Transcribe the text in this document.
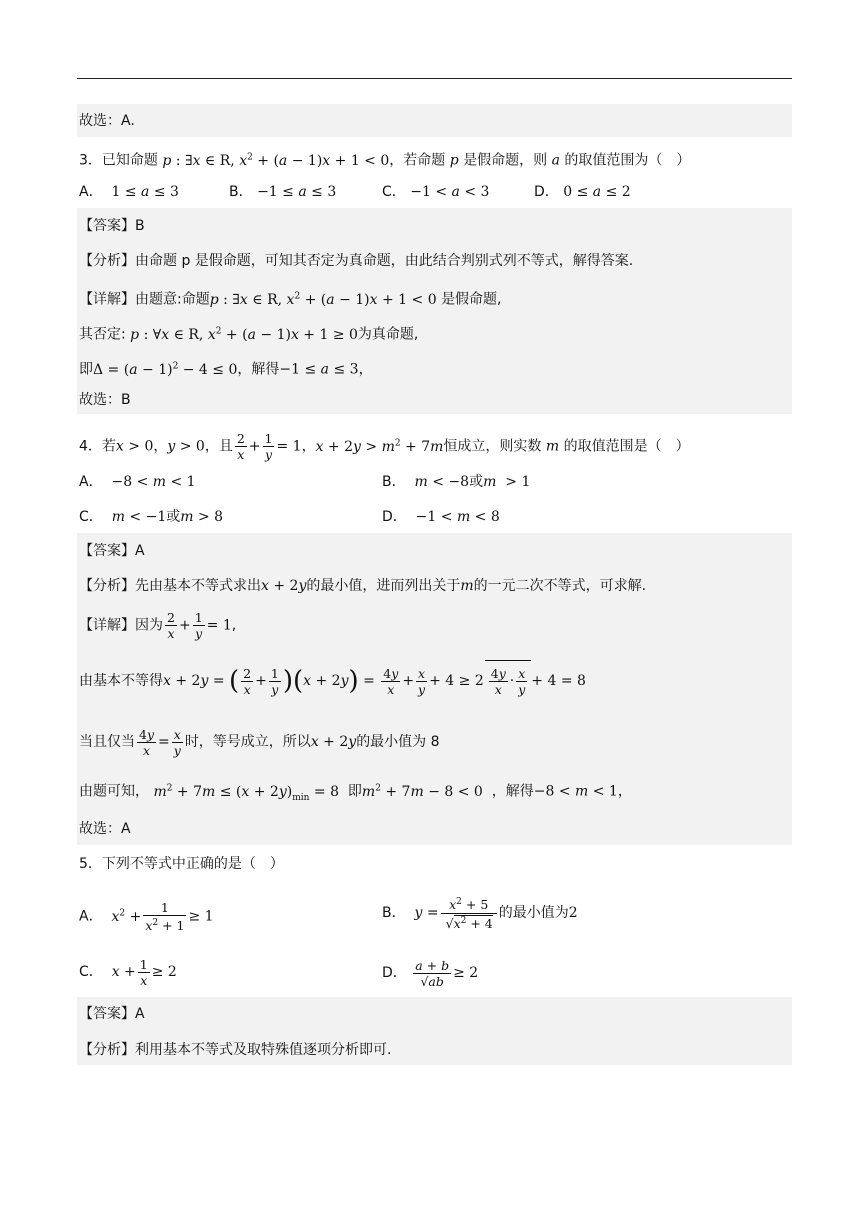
故选：A.
3．已知命题 p : ∃x ∈ R, $x^2 + (a - 1)x + 1 < 0$，若命题 p 是假命题，则 a 的取值范围为（　）
A．  1 ≤ a ≤ 3	B． −1 ≤ a ≤ 3	C． −1 < a < 3	D． 0 ≤ a ≤ 2
【答案】B
【分析】由命题 p 是假命题，可知其否定为真命题，由此结合判别式列不等式，解得答案.
【详解】由题意:命题p : ∃x ∈ R, $x^2 + (a - 1)x + 1 < 0$ 是假命题,
其否定: p : ∀x ∈ R, $x^2 + (a - 1)x + 1 \ge 0$为真命题,
即$\Delta = (a - 1)^2 - 4 \le 0$，解得−1 ≤ a ≤ 3，
故选：B
4．若x > 0，y > 0，且 $\frac{2}{x} + \frac{1}{y} = 1$，$x + 2y > m^2 + 7m$恒成立，则实数 m 的取值范围是（　）
A．  −8 < m < 1	B． m < −8或m  > 1
C． m < −1或m > 8	D．  −1 < m < 8
【答案】A
【分析】先由基本不等式求出x + 2y的最小值，进而列出关于m的一元二次不等式，可求解.
【详解】因为 $\frac{2}{x} + \frac{1}{y} = 1$,
由基本不等得x + 2y = ( $\frac{2}{x} + \frac{1}{y} )(x + 2y) = \frac{4y}{x} + \frac{x}{y} + 4 \ge 2 \frac{4y}{x} \cdot \frac{x}{y} + 4 = 8$
当且仅当 $\frac{4y}{x} = \frac{x}{y}$ 时，等号成立，所以x + 2y的最小值为 8
由题可知， $m^2 + 7m \le (x + 2y)_{min} = 8$ 即$m^2 + 7m - 8 < 0$ ，解得−8 < m < 1，
故选：A
5．下列不等式中正确的是（　）
A． $x^2 + \frac{1}{x^2 + 1} \ge 1$	B． $y = \frac{x^2 + 5}{√x^2 + 4}$ 的最小值为2
C． $x + \frac{1}{x} \ge 2$	D． $\frac{a + b}{√ab} \ge 2$
【答案】A
【分析】利用基本不等式及取特殊值逐项分析即可.
